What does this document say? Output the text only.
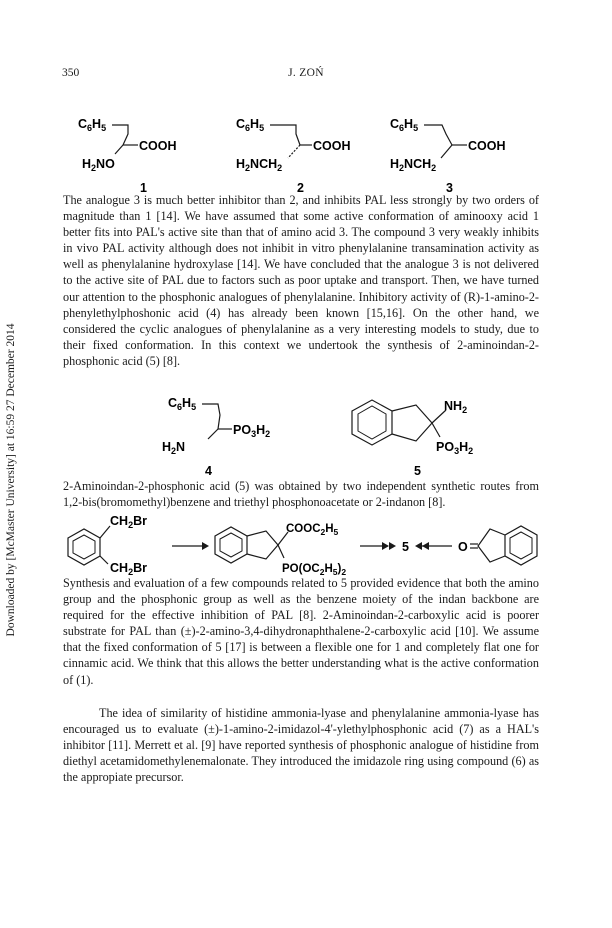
350	J. ZOŃ
Downloaded by [McMaster University] at 16:59 27 December 2014
$C_6H_5$
COOH
$H_2NO$
1
$C_6H_5$
COOH
$H_2NCH_2$
2
$C_6H_5$
COOH
$H_2NCH_2$
3

The analogue 3 is much better inhibitor than 2, and inhibits PAL less strongly by two orders of magnitude than 1 [14]. We have assumed that some active conformation of aminooxy acid 1 better fits into PAL's active site than that of amino acid 3. The compound 3 very weakly inhibits in vivo PAL activity although does not inhibit in vitro phenylalanine transamination activity as well as phenylalanine hydroxylase [14]. We have concluded that the analogue 3 is not delivered to the active site of PAL due to factors such as poor uptake and transport. Then, we have turned our attention to the phosphonic analogues of phenylalanine. Inhibitory activity of (R)-1-amino-2-phenylethylphoshonic acid (4) has already been known [15,16]. On the other hand, we considered the cyclic analogues of phenylalanine as a very interesting models to study, due to their fixed conformation. In this context we undertook the synthesis of 2-aminoindan-2-phosphonic acid (5) [8].

$C_6H_5$
$PO_3H_2$
$H_2N$
4
$NH_2$
$PO_3H_2$
5

2-Aminoindan-2-phosphonic acid (5) was obtained by two independent synthetic routes from 1,2-bis(bromomethyl)benzene and triethyl phosphonoacetate or 2-indanon [8].

$CH_2Br$
$CH_2Br$
$COOC_2H_5$
$PO(OC_2H_5)_2$
5	O

Synthesis and evaluation of a few compounds related to 5 provided evidence that both the amino group and the phosphonic group as well as the benzene moiety of the indan backbone are required for the effective inhibition of PAL [8]. 2-Aminoindan-2-carboxylic acid is poorer substrate for PAL than (±)-2-amino-3,4-dihydronaphthalene-2-carboxylic acid [10]. We assume that the fixed conformation of 5 [17] is between a flexible one for 1 and completely flat one for cinnamic acid. We think that this allows the better understanding what is the active conformation of (1).

The idea of similarity of histidine ammonia-lyase and phenylalanine ammonia-lyase has encouraged us to evaluate (±)-1-amino-2-imidazol-4'-ylethylphosphonic acid (7) as a HAL's inhibitor [11]. Merrett et al. [9] have reported synthesis of phosphonic analogue of histidine from diethyl acetamidomethylenemalonate. They introduced the imidazole ring using compound (6) as the appropiate precursor.
